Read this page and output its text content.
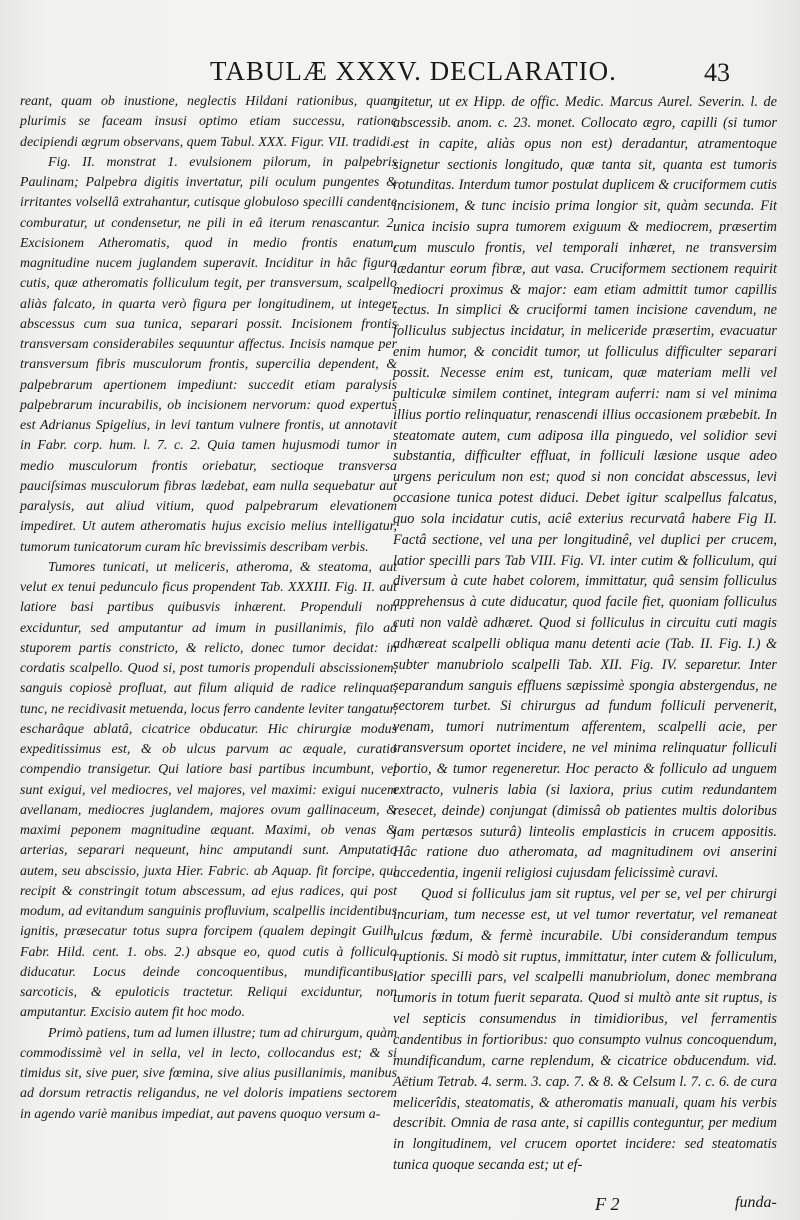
TABULÆ XXXV. DECLARATIO.	43

reant, quam ob inustione, neglectis Hildani rationibus, quam plurimis se faceam insusi optimo etiam successu, ratione decipiendi ægrum observans, quem Tabul. XXX. Figur. VII. tradidi.

Fig. II. monstrat 1. evulsionem pilorum, in palpebris Paulinam; Palpebra digitis invertatur, pili oculum pungentes & irritantes volsellâ extrahantur, cutisque globuloso specilli candente comburatur, ut condensetur, ne pili in eâ iterum renascantur. 2. Excisionem Atheromatis, quod in medio frontis enatum, magnitudine nucem juglandem superavit. Inciditur in hâc figura cutis, quæ atheromatis folliculum tegit, per transversum, scalpello aliàs falcato, in quarta verò figura per longitudinem, ut integer abscessus cum sua tunica, separari possit. Incisionem frontis transversam considerabiles sequuntur affectus. Incisis namque per transversum fibris musculorum frontis, supercilia dependent, & palpebrarum apertionem impediunt: succedit etiam paralysis palpebrarum incurabilis, ob incisionem nervorum: quod expertus est Adrianus Spigelius, in levi tantum vulnere frontis, ut annotavit in Fabr. corp. hum. l. 7. c. 2. Quia tamen hujusmodi tumor in medio musculorum frontis oriebatur, sectioque transversa pauciſsimas musculorum fibras lædebat, eam nulla sequebatur aut paralysis, aut aliud vitium, quod palpebrarum elevationem impediret. Ut autem atheromatis hujus excisio melius intelligatur, tumorum tunicatorum curam hîc brevissimis describam verbis.

Tumores tunicati, ut meliceris, atheroma, & steatoma, aut velut ex tenui pedunculo ficus propendent Tab. XXXIII. Fig. II. aut latiore basi partibus quibusvis inhærent. Propenduli non exciduntur, sed amputantur ad imum in pusillanimis, filo ad stuporem partis constricto, & relicto, donec tumor decidat: in cordatis scalpello. Quod si, post tumoris propenduli abscissionem, sanguis copiosè profluat, aut filum aliquid de radice relinquat, tunc, ne recidivasit metuenda, locus ferro candente leviter tangatur, escharâque ablatâ, cicatrice obducatur. Hic chirurgiæ modus expeditissimus est, & ob ulcus parvum ac æquale, curatio compendio transigetur. Qui latiore basi partibus incumbunt, vel sunt exigui, vel mediocres, vel majores, vel maximi: exigui nucem avellanam, mediocres juglandem, majores ovum gallinaceum, & maximi peponem magnitudine æquant. Maximi, ob venas & arterias, separari nequeunt, hinc amputandi sunt. Amputatio autem, seu abscissio, juxta Hier. Fabric. ab Aquap. fit forcipe, qui recipit & constringit totum abscessum, ad ejus radices, qui post modum, ad evitandum sanguinis profluvium, scalpellis incidentibus ignitis, præsecatur totus supra forcipem (qualem depingit Guilh. Fabr. Hild. cent. 1. obs. 2.) absque eo, quod cutis à folliculo diducatur. Locus deinde concoquentibus, mundificantibus, sarcoticis, & epuloticis tractetur. Reliqui exciduntur, non amputantur. Excisio autem fit hoc modo.

Primò patiens, tum ad lumen illustre; tum ad chirurgum, quàm commodissimè vel in sella, vel in lecto, collocandus est; & si timidus sit, sive puer, sive fœmina, sive alius pusillanimis, manibus ad dorsum retractis religandus, ne vel doloris impatiens sectorem in agendo variè manibus impediat, aut pavens quoquo versum a-

gitetur, ut ex Hipp. de offic. Medic. Marcus Aurel. Severin. l. de abscessib. anom. c. 23. monet. Collocato ægro, capilli (si tumor est in capite, aliàs opus non est) deradantur, atramentoque signetur sectionis longitudo, quæ tanta sit, quanta est tumoris rotunditas. Interdum tumor postulat duplicem & cruciformem cutis incisionem, & tunc incisio prima longior sit, quàm secunda. Fit unica incisio supra tumorem exiguum & mediocrem, præsertim cum musculo frontis, vel temporali inhæret, ne transversim lædantur eorum fibræ, aut vasa. Cruciformem sectionem requirit mediocri proximus & major: eam etiam admittit tumor capillis tectus. In simplici & cruciformi tamen incisione cavendum, ne folliculus subjectus incidatur, in meliceride præsertim, evacuatur enim humor, & concidit tumor, ut folliculus difficulter separari possit. Necesse enim est, tunicam, quæ materiam melli vel pulticulæ similem continet, integram auferri: nam si vel minima illius portio relinquatur, renascendi illius occasionem præbebit. In steatomate autem, cum adiposa illa pinguedo, vel solidior sevi substantia, difficulter effluat, in folliculi læsione usque adeo urgens periculum non est; quod si non concidat abscessus, levi occasione tunica potest diduci. Debet igitur scalpellus falcatus, quo sola incidatur cutis, aciê exterius recurvatâ habere Fig II. Factâ sectione, vel una per longitudinê, vel duplici per crucem, latior specilli pars Tab VIII. Fig. VI. inter cutim & folliculum, qui diversum à cute habet colorem, immittatur, quâ sensim folliculus apprehensus à cute diducatur, quod facile fiet, quoniam folliculus cuti non valdè adhæret. Quod si folliculus in circuitu cuti magis adhæreat scalpelli obliqua manu detenti acie (Tab. II. Fig. I.) & subter manubriolo scalpelli Tab. XII. Fig. IV. separetur. Inter separandum sanguis effluens sæpissimè spongia abstergendus, ne sectorem turbet. Si chirurgus ad fundum folliculi pervenerit, venam, tumori nutrimentum afferentem, scalpelli acie, per transversum oportet incidere, ne vel minima relinquatur folliculi portio, & tumor regeneretur. Hoc peracto & folliculo ad unguem extracto, vulneris labia (si laxiora, prius cutim redundantem resecet, deinde) conjungat (dimissâ ob patientes multis doloribus jam pertæsos suturâ) linteolis emplasticis in crucem appositis. Hâc ratione duo atheromata, ad magnitudinem ovi anserini accedentia, ingenii religiosi cujusdam felicissimè curavi.

Quod si folliculus jam sit ruptus, vel per se, vel per chirurgi incuriam, tum necesse est, ut vel tumor revertatur, vel remaneat ulcus fœdum, & fermè incurabile. Ubi considerandum tempus ruptionis. Si modò sit ruptus, immittatur, inter cutem & folliculum, latior specilli pars, vel scalpelli manubriolum, donec membrana tumoris in totum fuerit separata. Quod si multò ante sit ruptus, is vel septicis consumendus in timidioribus, vel ferramentis candentibus in fortioribus: quo consumpto vulnus concoquendum, mundificandum, carne replendum, & cicatrice obducendum. vid. Aëtium Tetrab. 4. serm. 3. cap. 7. & 8. & Celsum l. 7. c. 6. de cura melicerîdis, steatomatis, & atheromatis manuali, quam his verbis describit. Omnia de rasa ante, si capillis conteguntur, per medium in longitudinem, vel crucem oportet incidere: sed steatomatis tunica quoque secanda est; ut ef-

F 2	funda-
